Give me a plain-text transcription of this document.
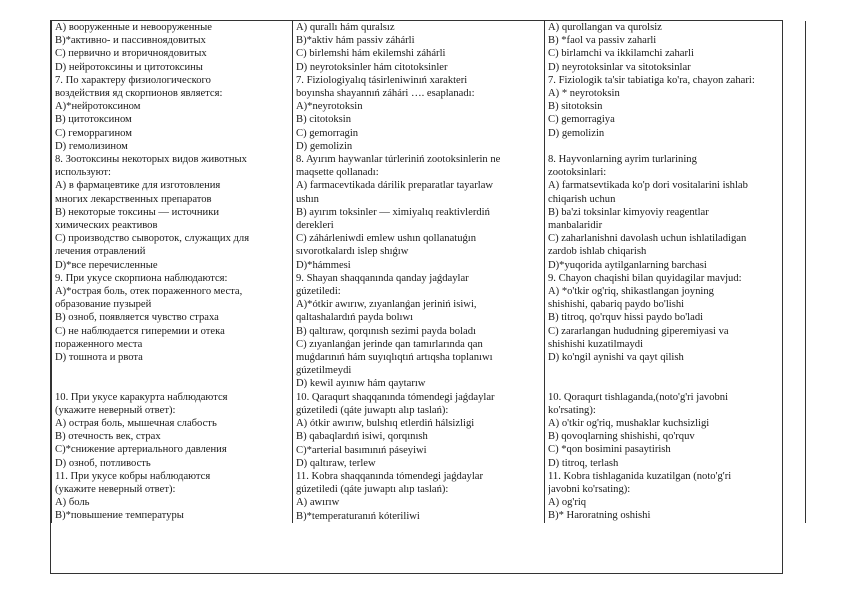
A) вооруженные и невооруженные
B)*активно- и пассивноядовитых
C) первично и вторичноядовитых
D) нейротоксины и цитотоксины
7. По характеру физиологического
воздействия яд скорпионов является:
A)*нейротоксином
B) цитотоксином
C) геморрагином
D) гемолизином
8. Зоотоксины некоторых видов животных
используют:
A) в фармацевтике для изготовления
многих лекарственных препаратов
B) некоторые токсины — источники
химических реактивов
C) производство сывороток, служащих для
лечения отравлений
D)*все перечисленные
9. При укусе скорпиона наблюдаются:
A)*острая боль, отек пораженного места,
образование пузырей
B) озноб, появляется чувство страха
C) не наблюдается гиперемии и отека
пораженного места
D) тошнота и рвота
10. При укусе каракурта наблюдаются
(укажите неверный ответ):
A) острая боль, мышечная слабость
B) отечность век, страх
C)*снижение артериального давления
D) озноб, потливость
11. При укусе кобры наблюдаются
(укажите неверный ответ):
A) боль
B)*повышение температуры

A) qurallı hám quralsız
B)*aktiv hám passiv záhárli
C) birlemshi hám ekilemshi záhárli
D) neyrotoksinler hám citotoksinler
7. Fiziologiyalıq tásirleniwinıń xarakteri
boyınsha shayannıń záhári …. esaplanadı:
A)*neyrotoksin
B) citotoksin
C) gemorragin
D) gemolizin
8. Ayırım haywanlar túrleriniń zootoksinlerin ne
maqsette qollanadı:
A) farmacevtikada dárilik preparatlar tayarlaw
ushın
B) ayırım toksinler — ximiyalıq reaktivlerdiń
derekleri
C) záhárleniwdi emlew ushın qollanatuǵın
sıvorotkalardı islep shıǵıw
D)*hámmesi
9. Shayan shaqqanında qanday jaǵdaylar
gúzetiledi:
A)*ótkir awırıw, zıyanlanǵan jeriniń isiwi,
qaltashalardıń payda bolıwı
B) qaltıraw, qorqınısh sezimi payda boladı
C) zıyanlanǵan jerinde qan tamırlarında qan
muǵdarınıń hám suyıqlıqtıń artıqsha toplanıwı
gúzetilmeydi
D) kewil ayınıw hám qaytarıw
10. Qaraqurt shaqqanında tómendegi jaǵdaylar
gúzetiledi (qáte juwaptı alıp taslań):
A) ótkir awırıw, bulshıq etlerdiń hálsizligi
B) qabaqlardıń isiwi, qorqınısh
C)*arterial basımınıń páseyiwi
D) qaltıraw, terlew
11. Kobra shaqqanında tómendegi jaǵdaylar
gúzetiledi (qáte juwaptı alıp taslań):
A) awırıw
B)*temperaturanıń kóteriliwi

A) qurollangan va qurolsiz
B) *faol va passiv zaharli
C) birlamchi va ikkilamchi zaharli
D) neyrotoksinlar va sitotoksinlar
7. Fiziologik ta'sir tabiatiga ko'ra, chayon zahari:
A) * neyrotoksin
B) sitotoksin
C) gemorragiya
D) gemolizin
8. Hayvonlarning ayrim turlarining
zootoksinlari:
A) farmatsevtikada ko'p dori vositalarini ishlab
chiqarish uchun
B) ba'zi toksinlar kimyoviy reagentlar
manbalaridir
C) zaharlanishni davolash uchun ishlatiladigan
zardob ishlab chiqarish
D)*yuqorida aytilganlarning barchasi
9. Chayon chaqishi bilan quyidagilar mavjud:
A) *o'tkir og'riq, shikastlangan joyning
shishishi, qabariq paydo bo'lishi
B) titroq, qo'rquv hissi paydo bo'ladi
C) zararlangan hududning giperemiyasi va
shishishi kuzatilmaydi
D) ko'ngil aynishi va qayt qilish
10. Qoraqurt tishlaganda,(noto'g'ri javobni
ko'rsating):
A) o'tkir og'riq, mushaklar kuchsizligi
B) qovoqlarning shishishi, qo'rquv
C) *qon bosimini pasaytirish
D) titroq, terlash
11. Kobra tishlaganida kuzatilgan (noto'g'ri
javobni ko'rsating):
A) og'riq
B)* Haroratning oshishi
